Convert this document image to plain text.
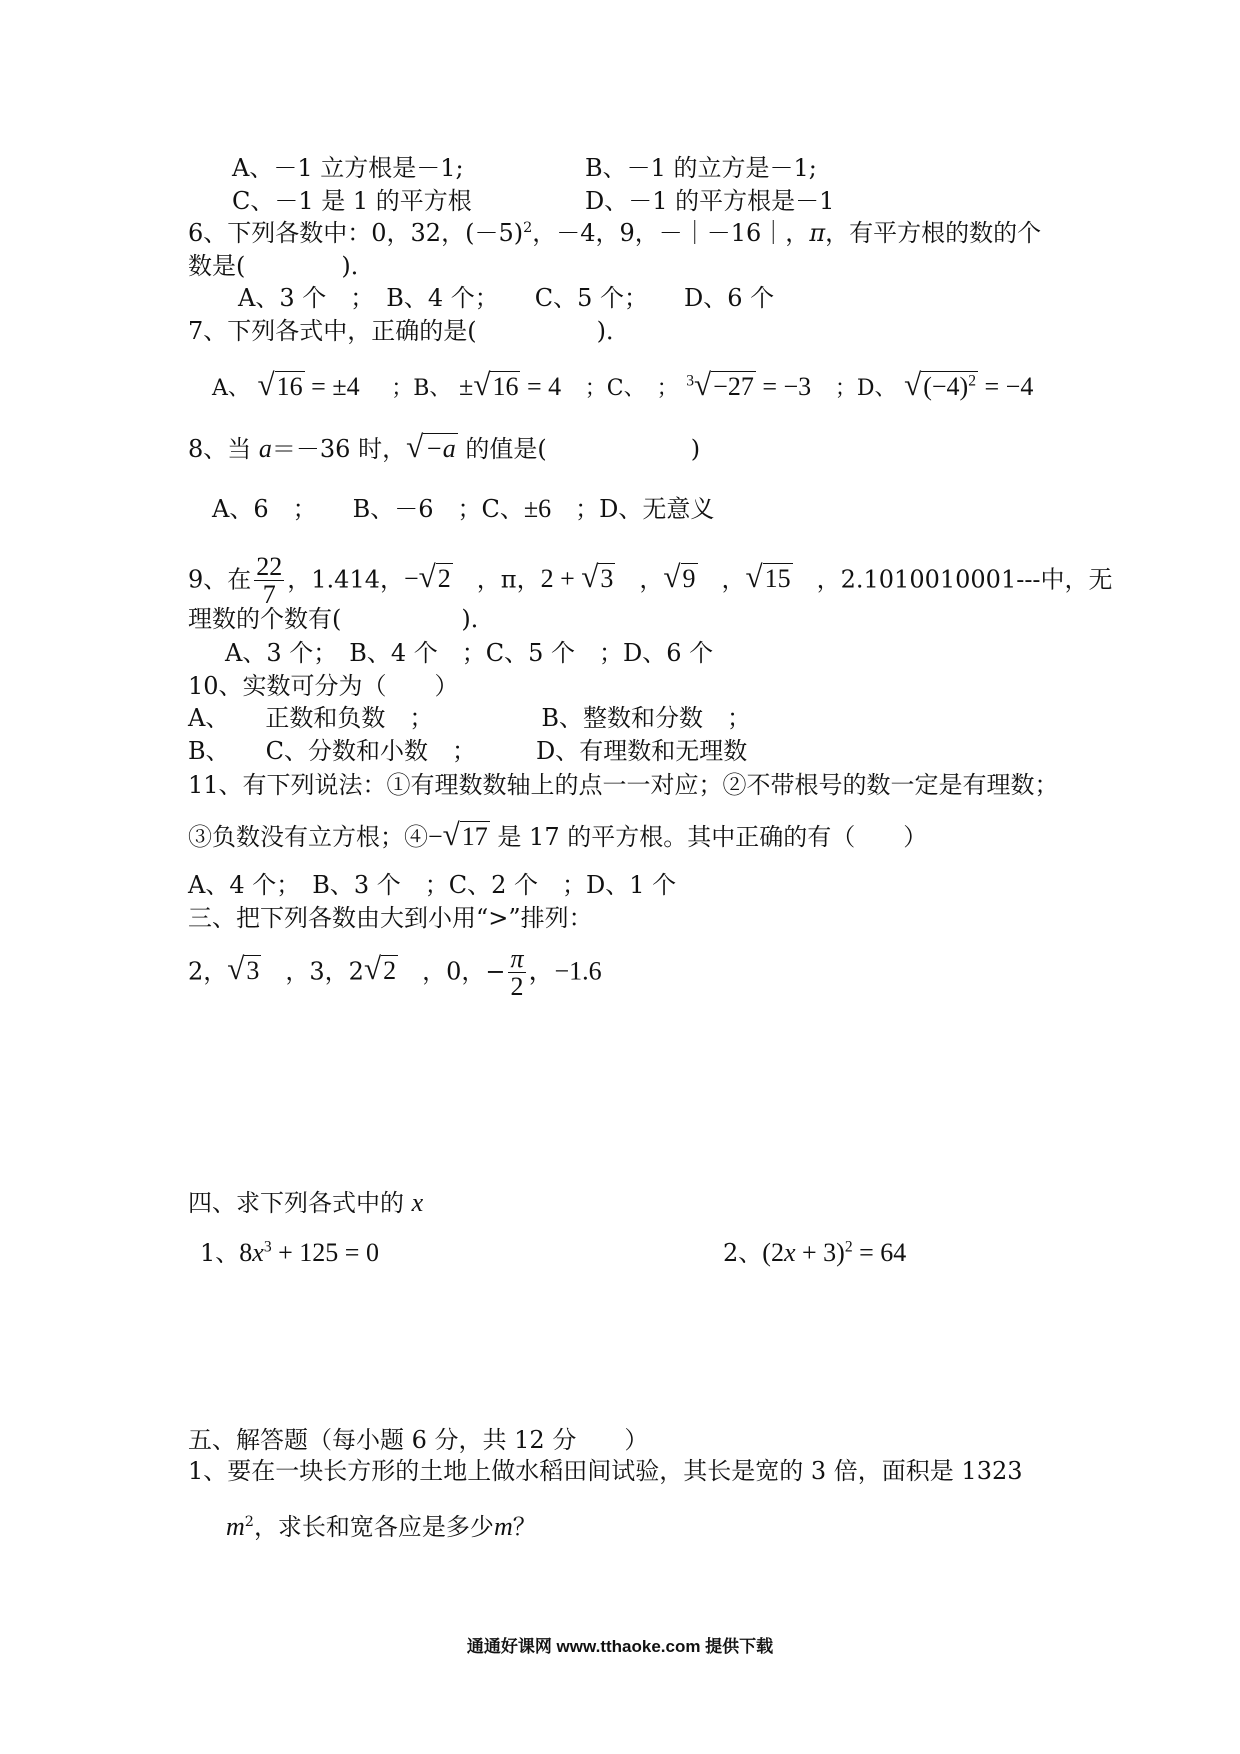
A、－1 立方根是－1;	B、－1 的立方是－1;
C、－1 是 1 的平方根	D、－1 的平方根是－1
6、下列各数中：0，32，$(-5)^2$，－4，9，－｜－16｜，π，有平方根的数的个
数是(　　　　)．
A、3 个　；　B、4 个；　　C、5 个；　　D、6 个
7、下列各式中，正确的是(　　　　　)．
A、 √16 = ±4 ；B、 ±√16 = 4 ；C、　； $^3$√−27 = −3 ；D、 $√(-4)^2 = -4$
8、当 a＝－36 时，√−a 的值是(　　　　　　)
A、6　；　　B、－6　；C、±6　；D、无意义
9、在 $\frac{22}{7}$ ，1.414，−√2　，π，2 + √3　，√9　，√15　，2.1010010001---中，无
理数的个数有(　　　　　)．
A、3 个；　B、4 个　；C、5 个　；D、6 个
10、实数可分为（　　）
A、　　正数和负数　；　　　　　B、整数和分数　；
B、　　C、分数和小数　；　　　D、有理数和无理数
11、有下列说法：①有理数数轴上的点一一对应；②不带根号的数一定是有理数；
③负数没有立方根；④−√17 是 17 的平方根。其中正确的有（　　）
A、4 个；　B、3 个　；C、2 个　；D、1 个
三、把下列各数由大到小用“>”排列：
2，√3　，3，2√2　，0，− $\frac{\pi}{2}$ ，−1.6
四、求下列各式中的 x
1、$8x^3 + 125 = 0$	2、$(2x + 3)^2 = 64$
五、解答题（每小题 6 分，共 12 分　　）
1、要在一块长方形的土地上做水稻田间试验，其长是宽的 3 倍，面积是 1323
$m^2$，求长和宽各应是多少m？
通通好课网 www.tthaoke.com 提供下载
